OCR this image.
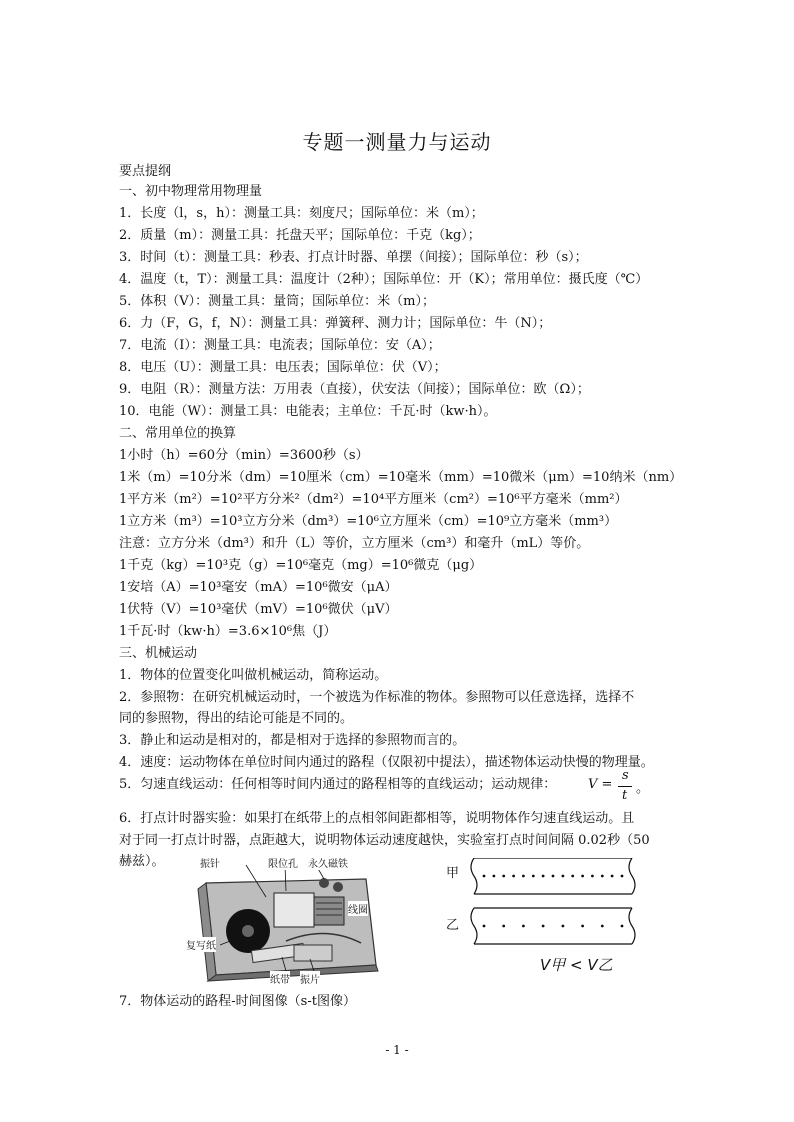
专题一测量力与运动
要点提纲
一、初中物理常用物理量
1．长度（l，s，h）：测量工具：刻度尺；国际单位：米（m）；
2．质量（m）：测量工具：托盘天平；国际单位：千克（kg）；
3．时间（t）：测量工具：秒表、打点计时器、单摆（间接）；国际单位：秒（s）；
4．温度（t，T）：测量工具：温度计（2种）；国际单位：开（K）；常用单位：摄氏度（℃）
5．体积（V）：测量工具：量筒；国际单位：米（m）；
6．力（F，G，f，N）：测量工具：弹簧秤、测力计；国际单位：牛（N）；
7．电流（I）：测量工具：电流表；国际单位：安（A）；
8．电压（U）：测量工具：电压表；国际单位：伏（V）；
9．电阻（R）：测量方法：万用表（直接），伏安法（间接）；国际单位：欧（Ω）；
10．电能（W）：测量工具：电能表；主单位：千瓦·时（kw·h）。
二、常用单位的换算
1小时（h）=60分（min）=3600秒（s）
1米（m）=10分米（dm）=10厘米（cm）=10毫米（mm）=10微米（μm）=10纳米（nm）
1平方米（m²）=10²平方分米²（dm²）=10⁴平方厘米（cm²）=10⁶平方毫米（mm²）
1立方米（m³）=10³立方分米（dm³）=10⁶立方厘米（cm）=10⁹立方毫米（mm³）
注意：立方分米（dm³）和升（L）等价，立方厘米（cm³）和毫升（mL）等价。
1千克（kg）=10³克（g）=10⁶毫克（mg）=10⁶微克（μg）
1安培（A）=10³毫安（mA）=10⁶微安（μA）
1伏特（V）=10³毫伏（mV）=10⁶微伏（μV）
1千瓦·时（kw·h）=3.6×10⁶焦（J）
三、机械运动
1．物体的位置变化叫做机械运动，简称运动。
2．参照物：在研究机械运动时，一个被选为作标准的物体。参照物可以任意选择，选择不
同的参照物，得出的结论可能是不同的。
3．静止和运动是相对的，都是相对于选择的参照物而言的。
4．速度：运动物体在单位时间内通过的路程（仅限初中提法），描述物体运动快慢的物理量。
5．匀速直线运动：任何相等时间内通过的路程相等的直线运动；运动规律： V =
s
t 。
6．打点计时器实验：如果打在纸带上的点相邻间距都相等，说明物体作匀速直线运动。且
对于同一打点计时器，点距越大，说明物体运动速度越快，实验室打点时间间隔 0.02秒（50
赫兹）。	振针	限位孔 永久磁铁
线圈
复写纸
纸带 振片
甲
乙
V甲 < V乙
7．物体运动的路程-时间图像（s-t图像）
- 1 -
